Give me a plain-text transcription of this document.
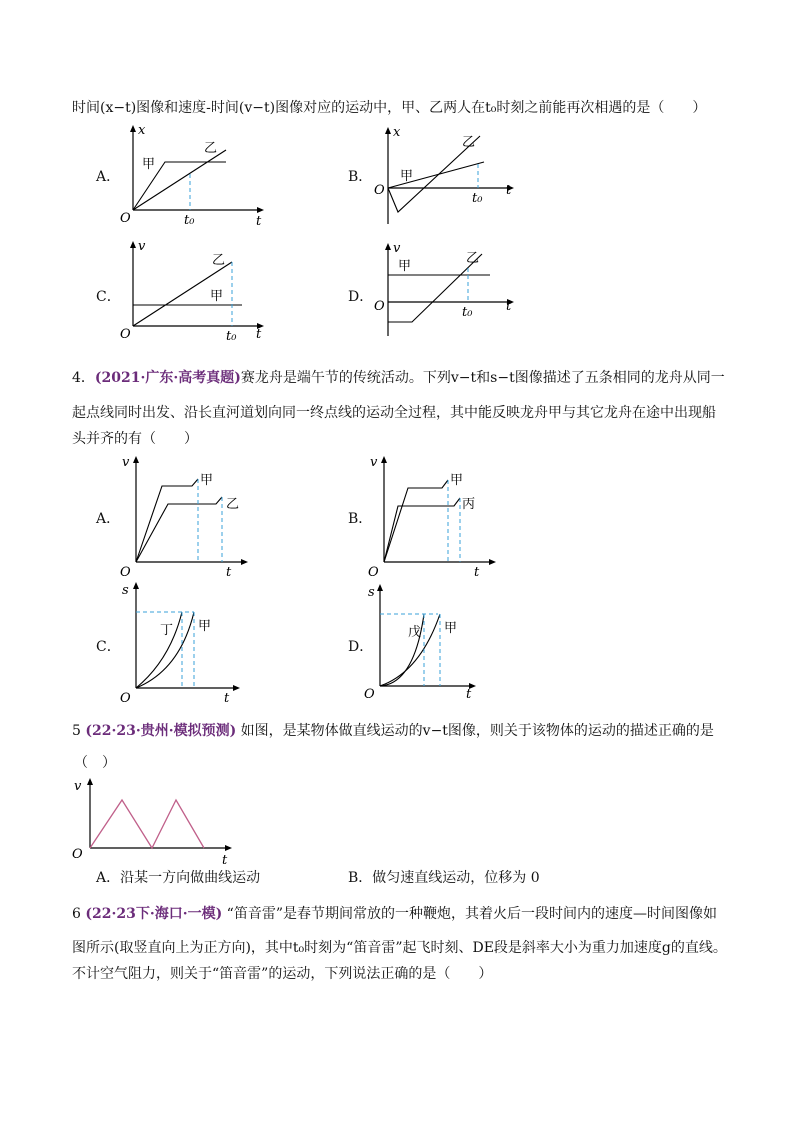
时间(x−t)图像和速度-时间(v−t)图像对应的运动中，甲、乙两人在t₀时刻之前能再次相遇的是（　　）
A．
x
t
O
甲
乙
t₀
B．
x
t
O
甲
乙
t₀
C．
v
t
O
甲
乙
t₀
D．
v
t
O
甲
乙
t₀
4．(2021·广东·高考真题)赛龙舟是端午节的传统活动。下列v−t和s−t图像描述了五条相同的龙舟从同一
起点线同时出发、沿长直河道划向同一终点线的运动全过程，其中能反映龙舟甲与其它龙舟在途中出现船
头并齐的有（　　）
A．
v
t
O
甲
乙
B．
v
t
O
甲
丙
C．
s
t
O
丁 甲
D．
s
t
O
戊 甲
5 (22·23·贵州·模拟预测) 如图，是某物体做直线运动的v−t图像，则关于该物体的运动的描述正确的是
（　）
v
t
O
A．沿某一方向做曲线运动	B．做匀速直线运动，位移为 0
6 (22·23下·海口·一模) “笛音雷”是春节期间常放的一种鞭炮，其着火后一段时间内的速度—时间图像如
图所示(取竖直向上为正方向)，其中t₀时刻为“笛音雷”起飞时刻、DE段是斜率大小为重力加速度g的直线。
不计空气阻力，则关于“笛音雷”的运动，下列说法正确的是（　　）
